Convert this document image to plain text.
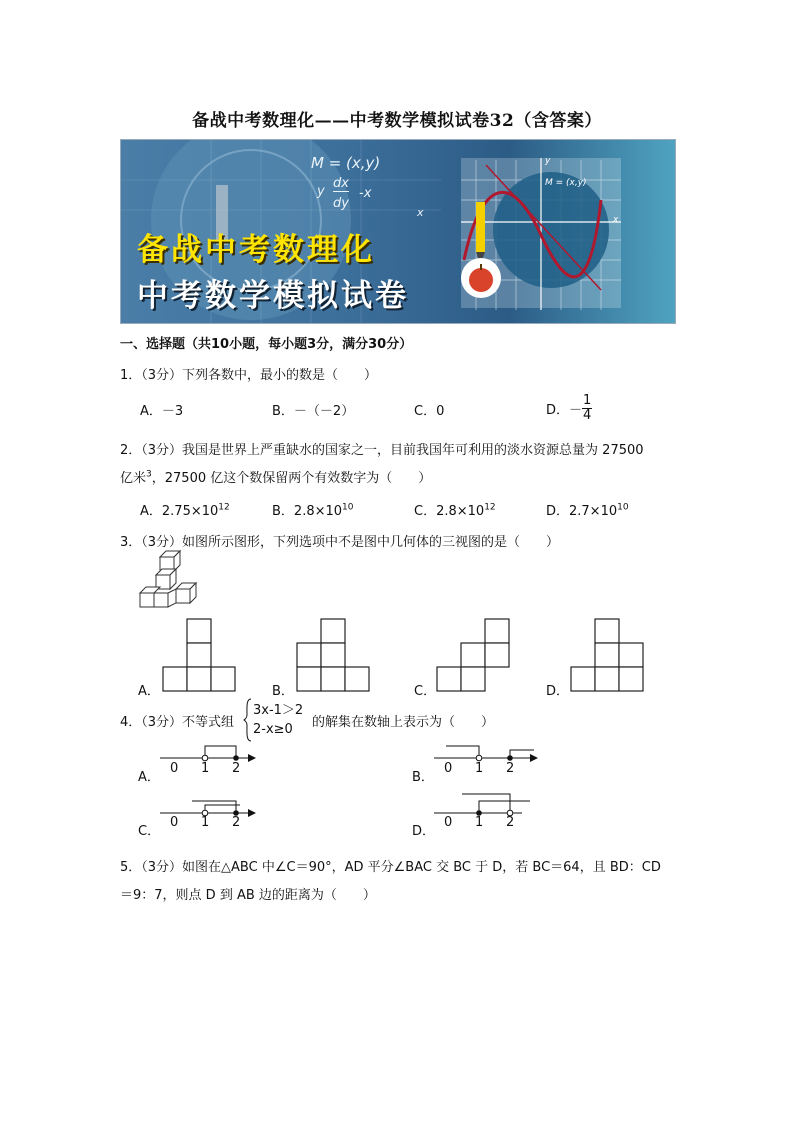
备战中考数理化——中考数学模拟试卷32（含答案）
M = (x,y)
y
dx
dy
-x
x
M = (x,y)
y
x
备战中考数理化
中考数学模拟试卷
一、选择题（共10小题，每小题3分，满分30分）
1．（3分）下列各数中，最小的数是（　　）
A．－3	B．－（－2）	C．0	D．－ $\frac{1}{4}$
2．（3分）我国是世界上严重缺水的国家之一，目前我国年可利用的淡水资源总量为 27500
亿米$^3$，27500 亿这个数保留两个有效数字为（　　）
A．$2.75\times 10^{12}$	B．$2.8\times 10^{10}$	C．$2.8\times 10^{12}$	D．$2.7\times 10^{10}$
3．（3分）如图所示图形，下列选项中不是图中几何体的三视图的是（　　）
A．	B．	C．	D．
4．（3分）不等式组
3x-1＞2
2-x≥0 的解集在数轴上表示为（　　）
A．
0 1 2
B．
0 1 2
C．
0 1 2
D．
0 1 2
5．（3分）如图在△ABC 中∠C＝90°，AD 平分∠BAC 交 BC 于 D，若 BC＝64，且 BD：CD
＝9：7，则点 D 到 AB 边的距离为（　　）
